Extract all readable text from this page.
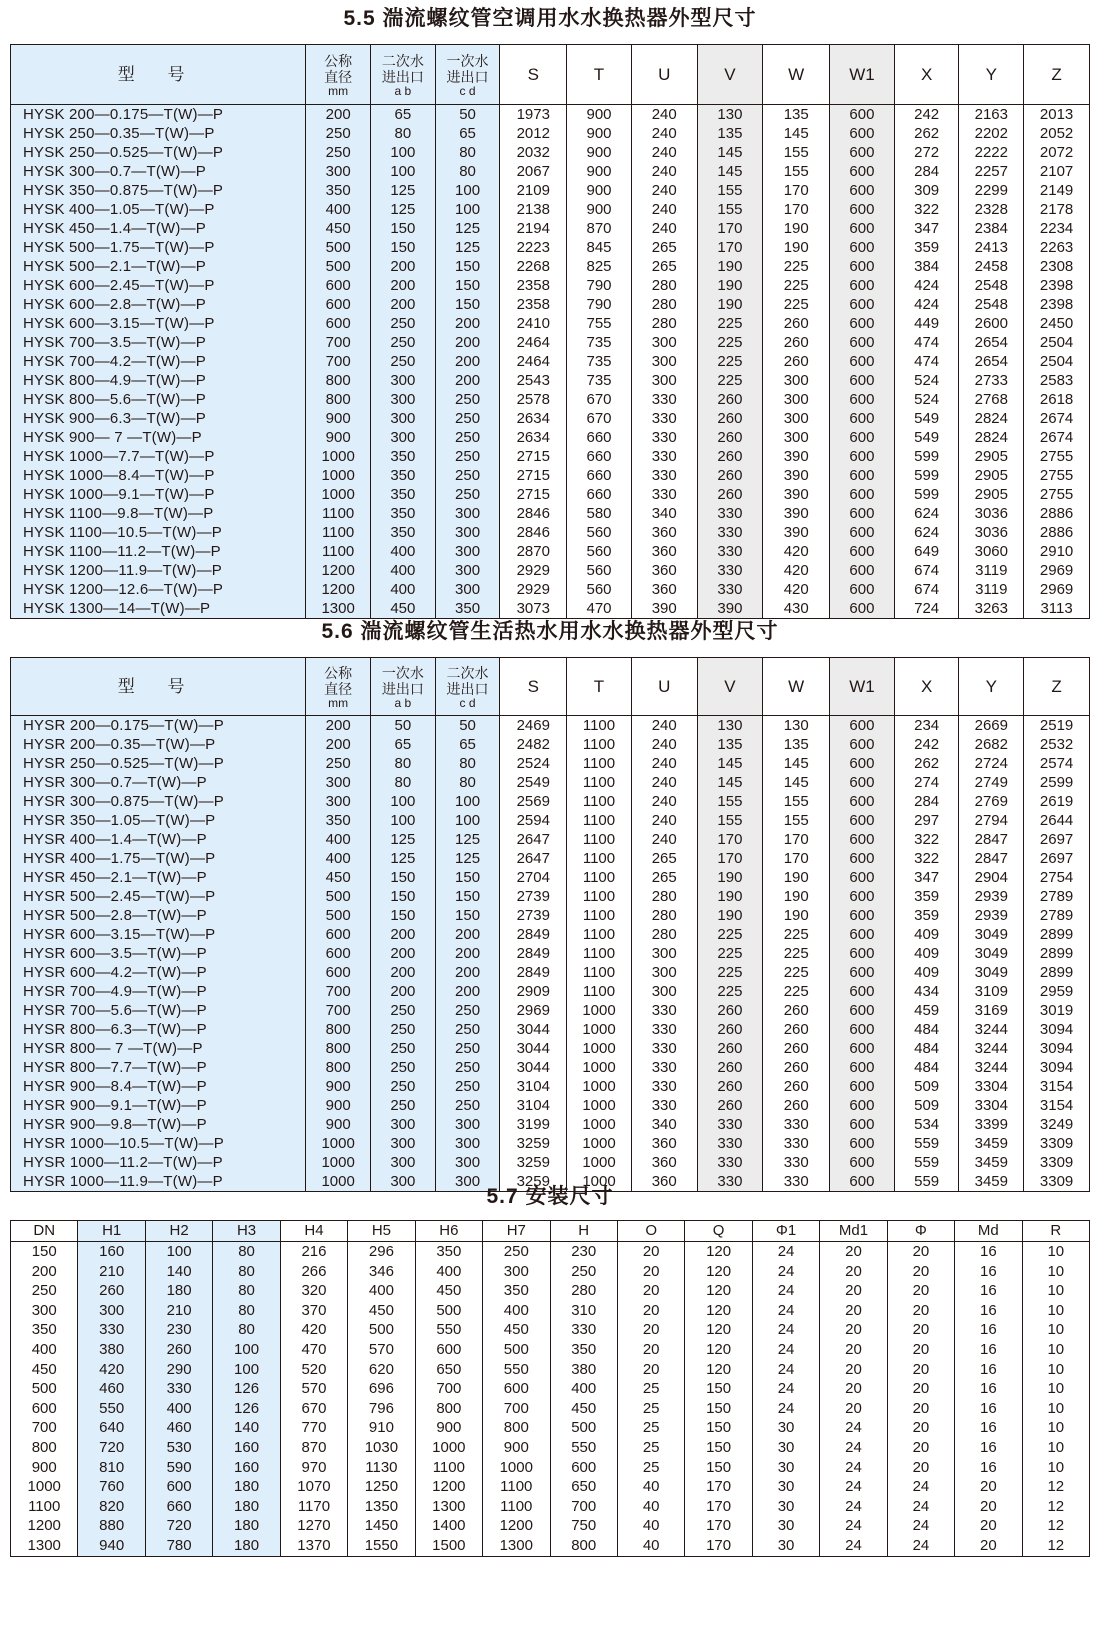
5.5 湍流螺纹管空调用水水换热器外型尺寸
型 号	公称
直径
mm	二次水
进出口
a b	一次水
进出口
c d	S	T	U	V	W	W1	X	Y	Z
HYSK 200—0.175—T(W)—P	200	65	50	1973	900	240	130	135	600	242	2163	2013
HYSK 250—0.35—T(W)—P	250	80	65	2012	900	240	135	145	600	262	2202	2052
HYSK 250—0.525—T(W)—P	250	100	80	2032	900	240	145	155	600	272	2222	2072
HYSK 300—0.7—T(W)—P	300	100	80	2067	900	240	145	155	600	284	2257	2107
HYSK 350—0.875—T(W)—P	350	125	100	2109	900	240	155	170	600	309	2299	2149
HYSK 400—1.05—T(W)—P	400	125	100	2138	900	240	155	170	600	322	2328	2178
HYSK 450—1.4—T(W)—P	450	150	125	2194	870	240	170	190	600	347	2384	2234
HYSK 500—1.75—T(W)—P	500	150	125	2223	845	265	170	190	600	359	2413	2263
HYSK 500—2.1—T(W)—P	500	200	150	2268	825	265	190	225	600	384	2458	2308
HYSK 600—2.45—T(W)—P	600	200	150	2358	790	280	190	225	600	424	2548	2398
HYSK 600—2.8—T(W)—P	600	200	150	2358	790	280	190	225	600	424	2548	2398
HYSK 600—3.15—T(W)—P	600	250	200	2410	755	280	225	260	600	449	2600	2450
HYSK 700—3.5—T(W)—P	700	250	200	2464	735	300	225	260	600	474	2654	2504
HYSK 700—4.2—T(W)—P	700	250	200	2464	735	300	225	260	600	474	2654	2504
HYSK 800—4.9—T(W)—P	800	300	200	2543	735	300	225	300	600	524	2733	2583
HYSK 800—5.6—T(W)—P	800	300	250	2578	670	330	260	300	600	524	2768	2618
HYSK 900—6.3—T(W)—P	900	300	250	2634	670	330	260	300	600	549	2824	2674
HYSK 900— 7 —T(W)—P	900	300	250	2634	660	330	260	300	600	549	2824	2674
HYSK 1000—7.7—T(W)—P	1000	350	250	2715	660	330	260	390	600	599	2905	2755
HYSK 1000—8.4—T(W)—P	1000	350	250	2715	660	330	260	390	600	599	2905	2755
HYSK 1000—9.1—T(W)—P	1000	350	250	2715	660	330	260	390	600	599	2905	2755
HYSK 1100—9.8—T(W)—P	1100	350	300	2846	580	340	330	390	600	624	3036	2886
HYSK 1100—10.5—T(W)—P	1100	350	300	2846	560	360	330	390	600	624	3036	2886
HYSK 1100—11.2—T(W)—P	1100	400	300	2870	560	360	330	420	600	649	3060	2910
HYSK 1200—11.9—T(W)—P	1200	400	300	2929	560	360	330	420	600	674	3119	2969
HYSK 1200—12.6—T(W)—P	1200	400	300	2929	560	360	330	420	600	674	3119	2969
HYSK 1300—14—T(W)—P	1300	450	350	3073	470	390	390	430	600	724	3263	3113
5.6 湍流螺纹管生活热水用水水换热器外型尺寸
型 号	公称
直径
mm	一次水
进出口
a b	二次水
进出口
c d	S	T	U	V	W	W1	X	Y	Z
HYSR 200—0.175—T(W)—P	200	50	50	2469	1100	240	130	130	600	234	2669	2519
HYSR 200—0.35—T(W)—P	200	65	65	2482	1100	240	135	135	600	242	2682	2532
HYSR 250—0.525—T(W)—P	250	80	80	2524	1100	240	145	145	600	262	2724	2574
HYSR 300—0.7—T(W)—P	300	80	80	2549	1100	240	145	145	600	274	2749	2599
HYSR 300—0.875—T(W)—P	300	100	100	2569	1100	240	155	155	600	284	2769	2619
HYSR 350—1.05—T(W)—P	350	100	100	2594	1100	240	155	155	600	297	2794	2644
HYSR 400—1.4—T(W)—P	400	125	125	2647	1100	240	170	170	600	322	2847	2697
HYSR 400—1.75—T(W)—P	400	125	125	2647	1100	265	170	170	600	322	2847	2697
HYSR 450—2.1—T(W)—P	450	150	150	2704	1100	265	190	190	600	347	2904	2754
HYSR 500—2.45—T(W)—P	500	150	150	2739	1100	280	190	190	600	359	2939	2789
HYSR 500—2.8—T(W)—P	500	150	150	2739	1100	280	190	190	600	359	2939	2789
HYSR 600—3.15—T(W)—P	600	200	200	2849	1100	280	225	225	600	409	3049	2899
HYSR 600—3.5—T(W)—P	600	200	200	2849	1100	300	225	225	600	409	3049	2899
HYSR 600—4.2—T(W)—P	600	200	200	2849	1100	300	225	225	600	409	3049	2899
HYSR 700—4.9—T(W)—P	700	200	200	2909	1100	300	225	225	600	434	3109	2959
HYSR 700—5.6—T(W)—P	700	250	250	2969	1000	330	260	260	600	459	3169	3019
HYSR 800—6.3—T(W)—P	800	250	250	3044	1000	330	260	260	600	484	3244	3094
HYSR 800— 7 —T(W)—P	800	250	250	3044	1000	330	260	260	600	484	3244	3094
HYSR 800—7.7—T(W)—P	800	250	250	3044	1000	330	260	260	600	484	3244	3094
HYSR 900—8.4—T(W)—P	900	250	250	3104	1000	330	260	260	600	509	3304	3154
HYSR 900—9.1—T(W)—P	900	250	250	3104	1000	330	260	260	600	509	3304	3154
HYSR 900—9.8—T(W)—P	900	300	300	3199	1000	340	330	330	600	534	3399	3249
HYSR 1000—10.5—T(W)—P	1000	300	300	3259	1000	360	330	330	600	559	3459	3309
HYSR 1000—11.2—T(W)—P	1000	300	300	3259	1000	360	330	330	600	559	3459	3309
HYSR 1000—11.9—T(W)—P	1000	300	300	3259	1000	360	330	330	600	559	3459	3309
5.7 安装尺寸
DN	H1	H2	H3	H4	H5	H6	H7	H	O	Q	Φ1	Md1	Φ	Md	R
150	160	100	80	216	296	350	250	230	20	120	24	20	20	16	10
200	210	140	80	266	346	400	300	250	20	120	24	20	20	16	10
250	260	180	80	320	400	450	350	280	20	120	24	20	20	16	10
300	300	210	80	370	450	500	400	310	20	120	24	20	20	16	10
350	330	230	80	420	500	550	450	330	20	120	24	20	20	16	10
400	380	260	100	470	570	600	500	350	20	120	24	20	20	16	10
450	420	290	100	520	620	650	550	380	20	120	24	20	20	16	10
500	460	330	126	570	696	700	600	400	25	150	24	20	20	16	10
600	550	400	126	670	796	800	700	450	25	150	24	20	20	16	10
700	640	460	140	770	910	900	800	500	25	150	30	24	20	16	10
800	720	530	160	870	1030	1000	900	550	25	150	30	24	20	16	10
900	810	590	160	970	1130	1100	1000	600	25	150	30	24	20	16	10
1000	760	600	180	1070	1250	1200	1100	650	40	170	30	24	24	20	12
1100	820	660	180	1170	1350	1300	1100	700	40	170	30	24	24	20	12
1200	880	720	180	1270	1450	1400	1200	750	40	170	30	24	24	20	12
1300	940	780	180	1370	1550	1500	1300	800	40	170	30	24	24	20	12
